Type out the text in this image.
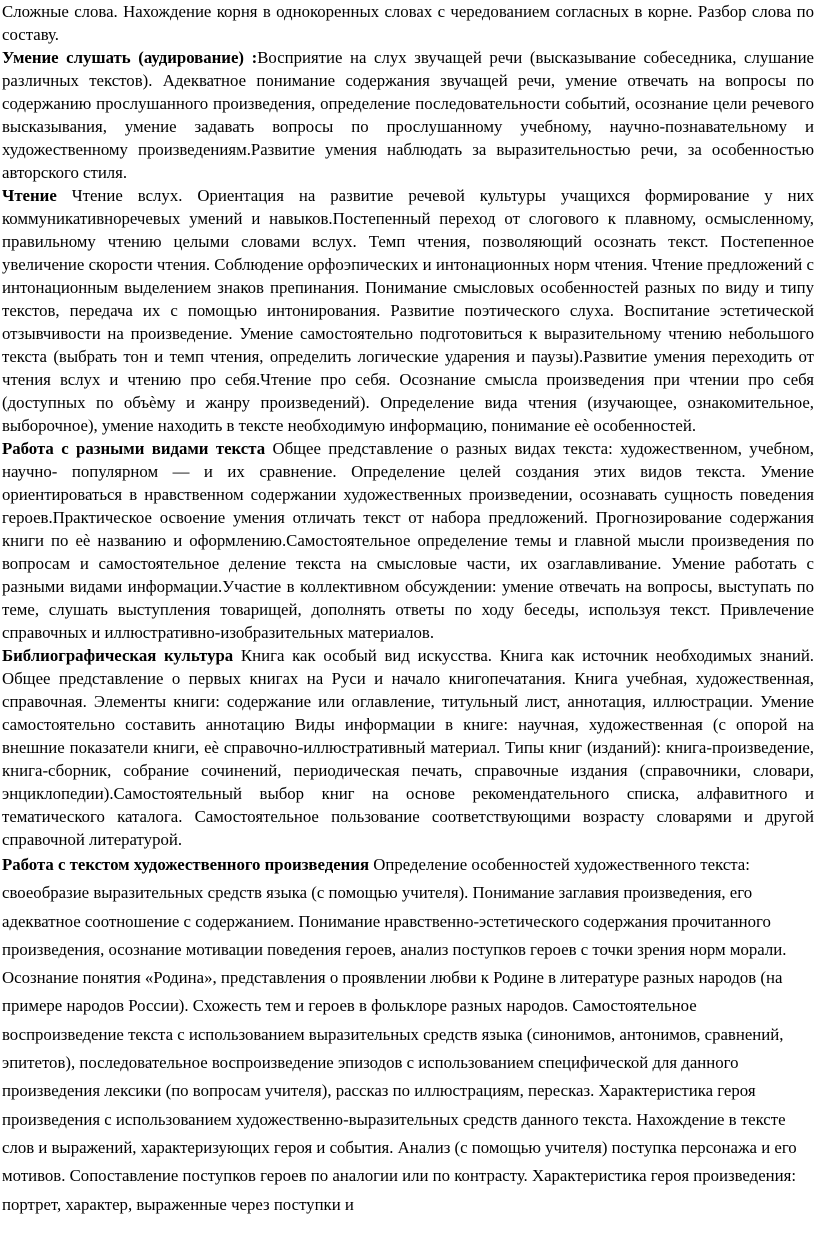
Сложные слова. Нахождение корня в однокоренных словах с чередованием согласных в корне. Разбор слова по составу.

Умение слушать (аудирование) :Восприятие на слух звучащей речи (высказывание собеседника, слушание различных текстов). Адекватное понимание содержания звучащей речи, умение отвечать на вопросы по содержанию прослушанного произведения, определение последовательности событий, осознание цели речевого высказывания, умение задавать вопросы по прослушанному учебному, научно-познавательному и художественному произведениям.Развитие умения наблюдать за выразительностью речи, за особенностью авторского стиля.

Чтение Чтение вслух. Ориентация на развитие речевой культуры учащихся формирование у них коммуникативноречевых умений и навыков.Постепенный переход от слогового к плавному, осмысленному, правильному чтению целыми словами вслух. Темп чтения, позволяющий осознать текст. Постепенное увеличение скорости чтения. Соблюдение орфоэпических и интонационных норм чтения. Чтение предложений с интонационным выделением знаков препинания. Понимание смысловых особенностей разных по виду и типу текстов, передача их с помощью интонирования. Развитие поэтического слуха. Воспитание эстетической отзывчивости на произведение. Умение самостоятельно подготовиться к выразительному чтению небольшого текста (выбрать тон и темп чтения, определить логические ударения и паузы).Развитие умения переходить от чтения вслух и чтению про себя.Чтение про себя. Осознание смысла произведения при чтении про себя (доступных по объѐму и жанру произведений). Определение вида чтения (изучающее, ознакомительное, выборочное), умение находить в тексте необходимую информацию, понимание еѐ особенностей.

Работа с разными видами текста Общее представление о разных видах текста: художественном, учебном, научно- популярном — и их сравнение. Определение целей создания этих видов текста. Умение ориентироваться в нравственном содержании художественных произведении, осознавать сущность поведения героев.Практическое освоение умения отличать текст от набора предложений. Прогнозирование содержания книги по еѐ названию и оформлению.Самостоятельное определение темы и главной мысли произведения по вопросам и самостоятельное деление текста на смысловые части, их озаглавливание. Умение работать с разными видами информации.Участие в коллективном обсуждении: умение отвечать на вопросы, выступать по теме, слушать выступления товарищей, дополнять ответы по ходу беседы, используя текст. Привлечение справочных и иллюстративно-изобразительных материалов.

Библиографическая культура Книга как особый вид искусства. Книга как источник необходимых знаний. Общее представление о первых книгах на Руси и начало книгопечатания. Книга учебная, художественная, справочная. Элементы книги: содержание или оглавление, титульный лист, аннотация, иллюстрации. Умение самостоятельно составить аннотацию Виды информации в книге: научная, художественная (с опорой на внешние показатели книги, еѐ справочно-иллюстративный материал. Типы книг (изданий): книга-произведение, книга-сборник, собрание сочинений, периодическая печать, справочные издания (справочники, словари, энциклопедии).Самостоятельный выбор книг на основе рекомендательного списка, алфавитного и тематического каталога. Самостоятельное пользование соответствующими возрасту словарями и другой справочной литературой.

Работа с текстом художественного произведения Определение особенностей художественного текста: своеобразие выразительных средств языка (с помощью учителя). Понимание заглавия произведения, его адекватное соотношение с содержанием. Понимание нравственно-эстетического содержания прочитанного произведения, осознание мотивации поведения героев, анализ поступков героев с точки зрения норм морали. Осознание понятия «Родина», представления о проявлении любви к Родине в литературе разных народов (на примере народов России). Схожесть тем и героев в фольклоре разных народов. Самостоятельное воспроизведение текста с использованием выразительных средств языка (синонимов, антонимов, сравнений, эпитетов), последовательное воспроизведение эпизодов с использованием специфической для данного произведения лексики (по вопросам учителя), рассказ по иллюстрациям, пересказ. Характеристика героя произведения с использованием художественно-выразительных средств данного текста. Нахождение в тексте слов и выражений, характеризующих героя и события. Анализ (с помощью учителя) поступка персонажа и его мотивов. Сопоставление поступков героев по аналогии или по контрасту. Характеристика героя произведения: портрет, характер, выраженные через поступки и
